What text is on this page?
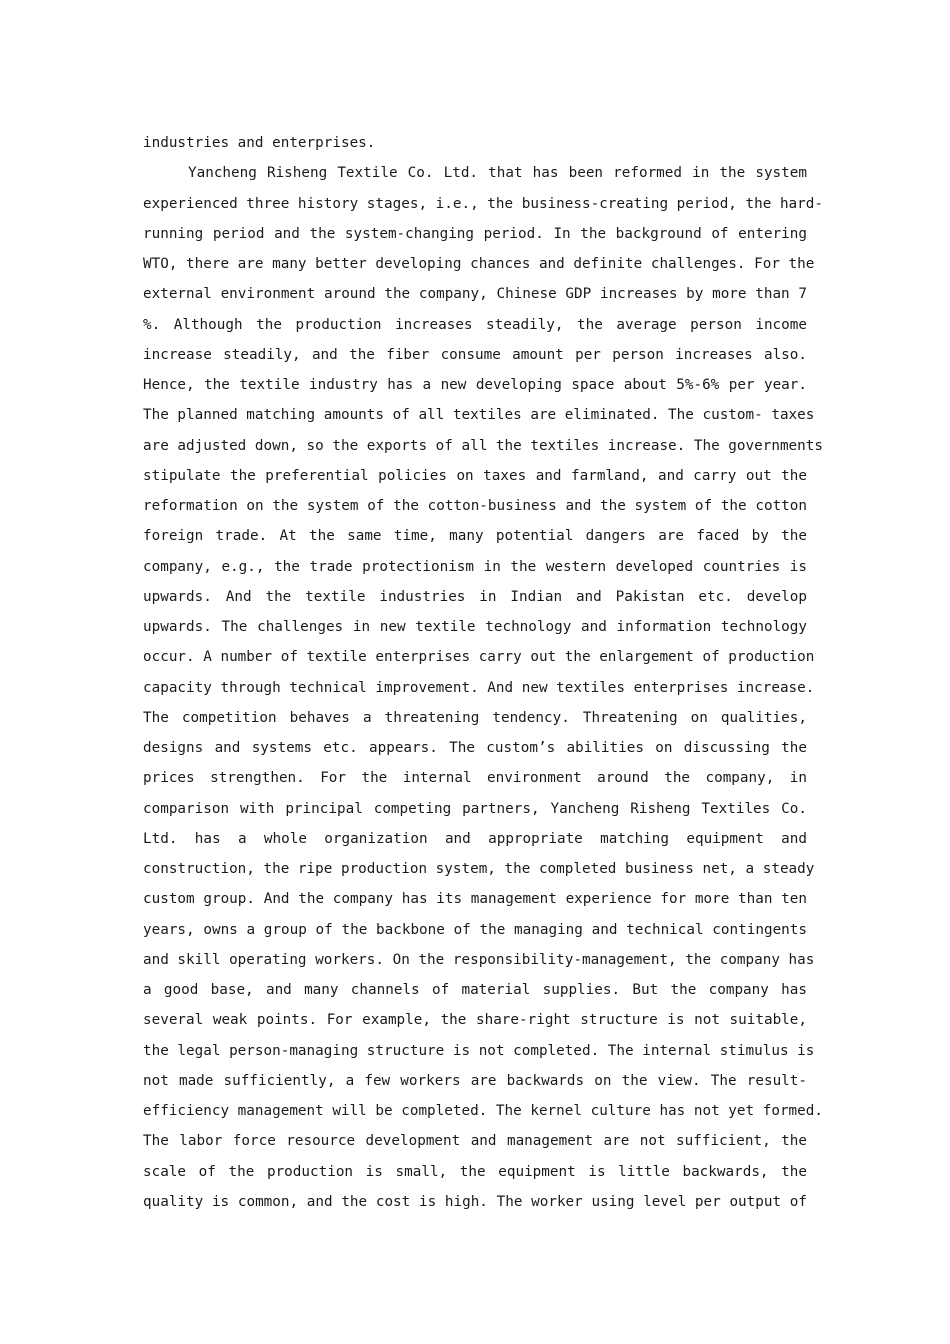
industries and enterprises.
Yancheng Risheng Textile Co. Ltd. that has been reformed in the system
experienced three history stages, i.e., the business-creating period, the hard-
running period and the system-changing period. In the background of entering
WTO, there are many better developing chances and definite challenges. For the
external environment around the company, Chinese GDP increases by more than 7
%. Although the production increases steadily, the average person income
increase steadily, and the fiber consume amount per person increases also.
Hence, the textile industry has a new developing space about 5%-6% per year.
The planned matching amounts of all textiles are eliminated. The custom- taxes
are adjusted down, so the exports of all the textiles increase. The governments
stipulate the preferential policies on taxes and farmland, and carry out the
reformation on the system of the cotton-business and the system of the cotton
foreign trade. At the same time, many potential dangers are faced by the
company, e.g., the trade protectionism in the western developed countries is
upwards. And the textile industries in Indian and Pakistan etc. develop
upwards. The challenges in new textile technology and information technology
occur. A number of textile enterprises carry out the enlargement of production
capacity through technical improvement. And new textiles enterprises increase.
The competition behaves a threatening tendency. Threatening on qualities,
designs and systems etc. appears. The custom’s abilities on discussing the
prices strengthen. For the internal environment around the company, in
comparison with principal competing partners, Yancheng Risheng Textiles Co.
Ltd. has a whole organization and appropriate matching equipment and
construction, the ripe production system, the completed business net, a steady
custom group. And the company has its management experience for more than ten
years, owns a group of the backbone of the managing and technical contingents
and skill operating workers. On the responsibility-management, the company has
a good base, and many channels of material supplies. But the company has
several weak points. For example, the share-right structure is not suitable,
the legal person-managing structure is not completed. The internal stimulus is
not made sufficiently, a few workers are backwards on the view. The result-
efficiency management will be completed. The kernel culture has not yet formed.
The labor force resource development and management are not sufficient, the
scale of the production is small, the equipment is little backwards, the
quality is common, and the cost is high. The worker using level per output of
